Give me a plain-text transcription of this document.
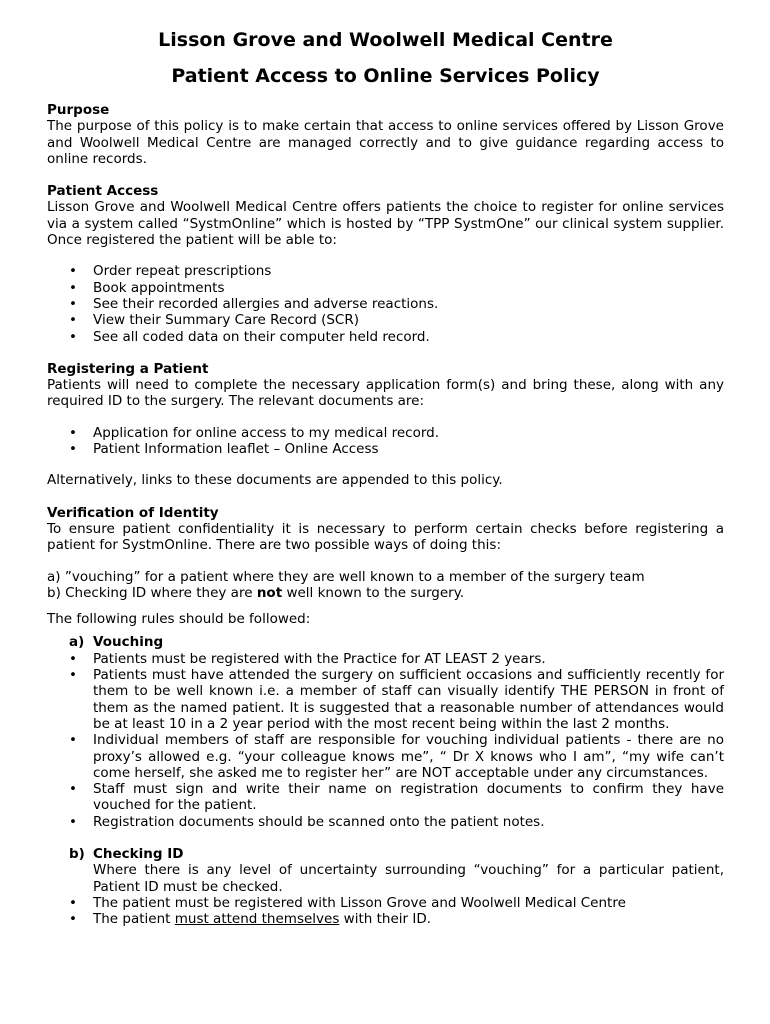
Lisson Grove and Woolwell Medical Centre
Patient Access to Online Services Policy
Purpose

The purpose of this policy is to make certain that access to online services offered by Lisson Grove and Woolwell Medical Centre are managed correctly and to give guidance regarding access to online records.

Patient Access

Lisson Grove and Woolwell Medical Centre offers patients the choice to register for online services via a system called “SystmOnline” which is hosted by “TPP SystmOne” our clinical system supplier. Once registered the patient will be able to:

• Order repeat prescriptions
• Book appointments
• See their recorded allergies and adverse reactions.
• View their Summary Care Record (SCR)
• See all coded data on their computer held record.
Registering a Patient

Patients will need to complete the necessary application form(s) and bring these, along with any required ID to the surgery. The relevant documents are:

• Application for online access to my medical record.
• Patient Information leaflet – Online Access

Alternatively, links to these documents are appended to this policy.

Verification of Identity

To ensure patient confidentiality it is necessary to perform certain checks before registering a patient for SystmOnline. There are two possible ways of doing this:

a) ”vouching” for a patient where they are well known to a member of the surgery team

b) Checking ID where they are not well known to the surgery.

The following rules should be followed:

a) Vouching
• Patients must be registered with the Practice for AT LEAST 2 years.
• Patients must have attended the surgery on sufficient occasions and sufficiently recently for them to be well known i.e. a member of staff can visually identify THE PERSON in front of them as the named patient. It is suggested that a reasonable number of attendances would be at least 10 in a 2 year period with the most recent being within the last 2 months.
• Individual members of staff are responsible for vouching individual patients - there are no proxy’s allowed e.g. “your colleague knows me”, “ Dr X knows who I am”, “my wife can’t come herself, she asked me to register her” are NOT acceptable under any circumstances.
• Staff must sign and write their name on registration documents to confirm they have vouched for the patient.
• Registration documents should be scanned onto the patient notes.
b) Checking ID
Where there is any level of uncertainty surrounding “vouching” for a particular patient, Patient ID must be checked.
• The patient must be registered with Lisson Grove and Woolwell Medical Centre
• The patient must attend themselves with their ID.
